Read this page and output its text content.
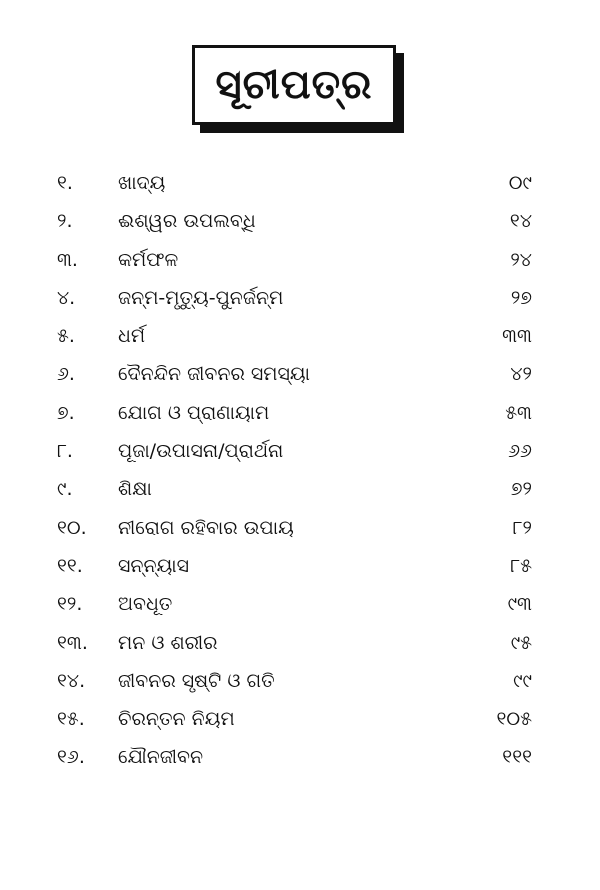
ସୂଚୀପତ୍ର
୧.	ଖାଦ୍ୟ	୦୯
୨.	ଈଶ୍ୱର ଉପଲବ୍ଧି	୧୪
୩.	କର୍ମଫଳ	୨୪
୪.	ଜନ୍ମ-ମୃତ୍ୟୁ-ପୁନର୍ଜନ୍ମ	୨୭
୫.	ଧର୍ମ	୩୩
୬.	ଦୈନନ୍ଦିନ ଜୀବନର ସମସ୍ୟା	୪୨
୭.	ଯୋଗ ଓ ପ୍ରାଣାୟାମ	୫୩
୮.	ପୂଜା/ଉପାସନା/ପ୍ରାର୍ଥନା	୬୬
୯.	ଶିକ୍ଷା	୭୨
୧୦.	ନୀରୋଗ ରହିବାର ଉପାୟ	୮୨
୧୧.	ସନ୍ନ୍ୟାସ	୮୫
୧୨.	ଅବଧୂତ	୯୩
୧୩.	ମନ ଓ ଶରୀର	୯୫
୧୪.	ଜୀବନର ସୃଷ୍ଟି ଓ ଗତି	୯୯
୧୫.	ଚିରନ୍ତନ ନିୟମ	୧୦୫
୧୬.	ଯୌନଜୀବନ	୧୧୧
